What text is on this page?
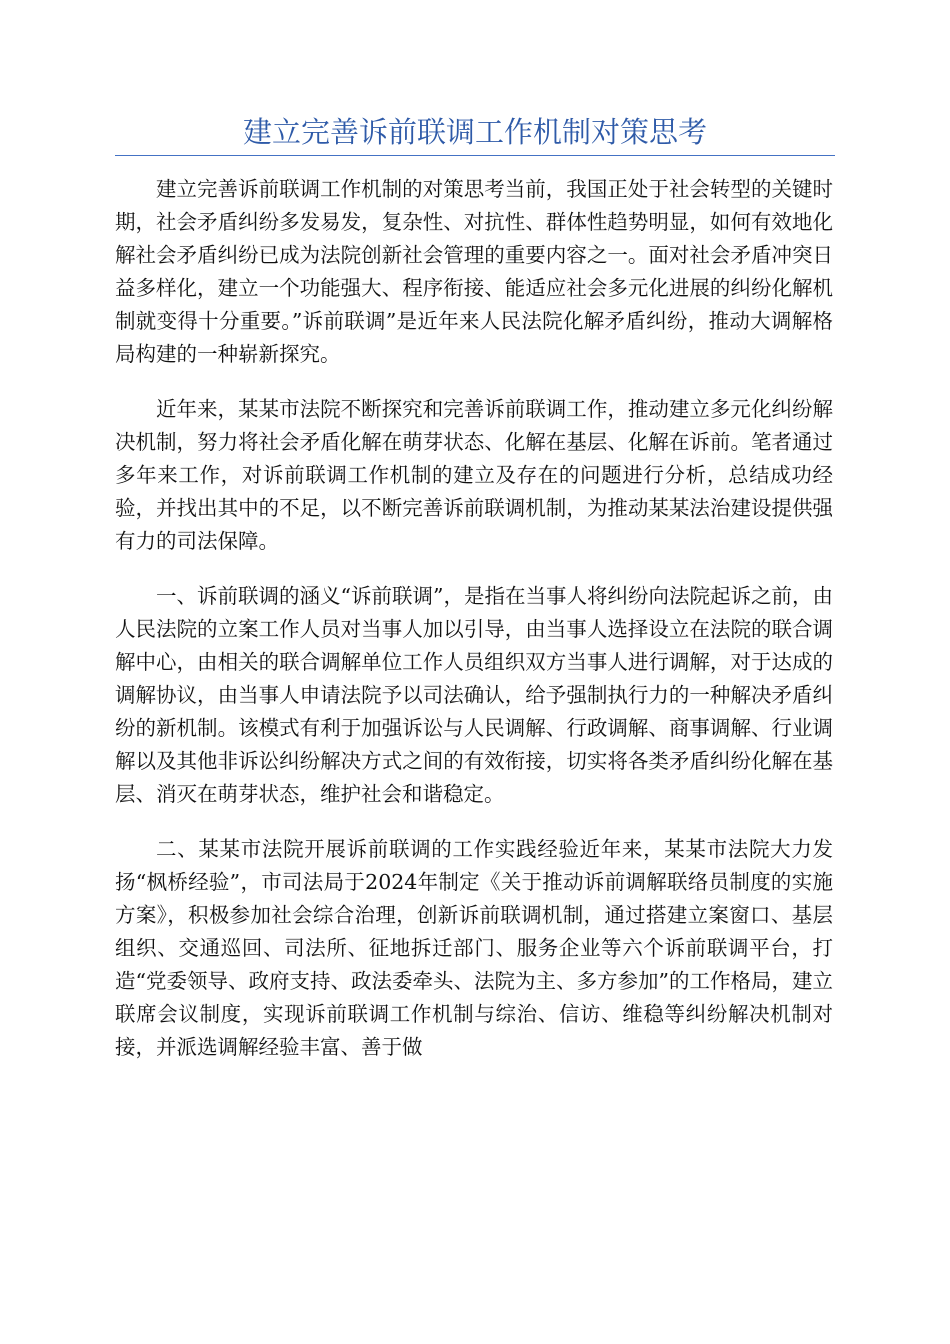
建立完善诉前联调工作机制对策思考

建立完善诉前联调工作机制的对策思考当前，我国正处于社会转型的关键时期，社会矛盾纠纷多发易发，复杂性、对抗性、群体性趋势明显，如何有效地化解社会矛盾纠纷已成为法院创新社会管理的重要内容之一。面对社会矛盾冲突日益多样化，建立一个功能强大、程序衔接、能适应社会多元化进展的纠纷化解机制就变得十分重要。”诉前联调”是近年来人民法院化解矛盾纠纷，推动大调解格局构建的一种崭新探究。

近年来，某某市法院不断探究和完善诉前联调工作，推动建立多元化纠纷解决机制，努力将社会矛盾化解在萌芽状态、化解在基层、化解在诉前。笔者通过多年来工作，对诉前联调工作机制的建立及存在的问题进行分析，总结成功经验，并找出其中的不足，以不断完善诉前联调机制，为推动某某法治建设提供强有力的司法保障。

一、诉前联调的涵义“诉前联调”，是指在当事人将纠纷向法院起诉之前，由人民法院的立案工作人员对当事人加以引导，由当事人选择设立在法院的联合调解中心，由相关的联合调解单位工作人员组织双方当事人进行调解，对于达成的调解协议，由当事人申请法院予以司法确认，给予强制执行力的一种解决矛盾纠纷的新机制。该模式有利于加强诉讼与人民调解、行政调解、商事调解、行业调解以及其他非诉讼纠纷解决方式之间的有效衔接，切实将各类矛盾纠纷化解在基层、消灭在萌芽状态，维护社会和谐稳定。

二、某某市法院开展诉前联调的工作实践经验近年来，某某市法院大力发扬“枫桥经验”，市司法局于2024年制定《关于推动诉前调解联络员制度的实施方案》，积极参加社会综合治理，创新诉前联调机制，通过搭建立案窗口、基层组织、交通巡回、司法所、征地拆迁部门、服务企业等六个诉前联调平台，打造“党委领导、政府支持、政法委牵头、法院为主、多方参加”的工作格局，建立联席会议制度，实现诉前联调工作机制与综治、信访、维稳等纠纷解决机制对接，并派选调解经验丰富、善于做
